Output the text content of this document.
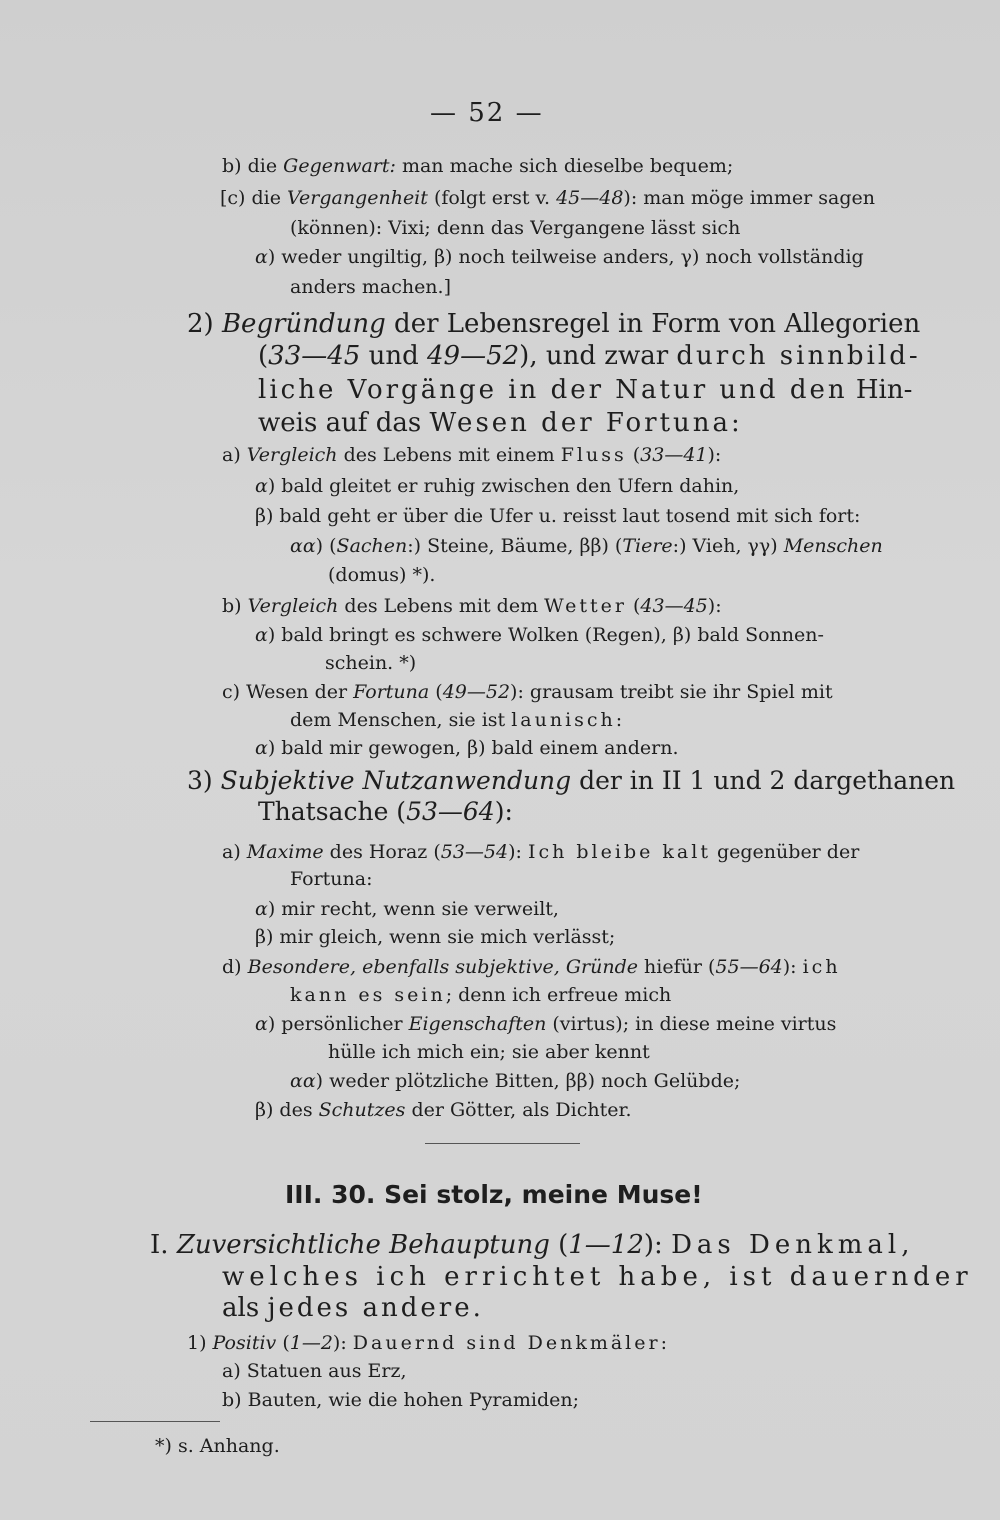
— 52 —
b) die Gegenwart: man mache sich dieselbe bequem;
[c) die Vergangenheit (folgt erst v. 45—48): man möge immer sagen
(können): Vixi; denn das Vergangene lässt sich
α) weder ungiltig, β) noch teilweise anders, γ) noch vollständig
anders machen.]
2) Begründung der Lebensregel in Form von Allegorien
(33—45 und 49—52), und zwar durch sinnbild-
liche Vorgänge in der Natur und den Hin-
weis auf das Wesen der Fortuna:
a) Vergleich des Lebens mit einem Fluss (33—41):
α) bald gleitet er ruhig zwischen den Ufern dahin,
β) bald geht er über die Ufer u. reisst laut tosend mit sich fort:
αα) (Sachen:) Steine, Bäume, ββ) (Tiere:) Vieh, γγ) Menschen
(domus) *).
b) Vergleich des Lebens mit dem Wetter (43—45):
α) bald bringt es schwere Wolken (Regen), β) bald Sonnen-
schein. *)
c) Wesen der Fortuna (49—52): grausam treibt sie ihr Spiel mit
dem Menschen, sie ist launisch:
α) bald mir gewogen, β) bald einem andern.
3) Subjektive Nutzanwendung der in II 1 und 2 dargethanen
Thatsache (53—64):
a) Maxime des Horaz (53—54): Ich bleibe kalt gegenüber der
Fortuna:
α) mir recht, wenn sie verweilt,
β) mir gleich, wenn sie mich verlässt;
d) Besondere, ebenfalls subjektive, Gründe hiefür (55—64): ich
kann es sein; denn ich erfreue mich
α) persönlicher Eigenschaften (virtus); in diese meine virtus
hülle ich mich ein; sie aber kennt
αα) weder plötzliche Bitten, ββ) noch Gelübde;
β) des Schutzes der Götter, als Dichter.
I. Zuversichtliche Behauptung (1—12): Das Denkmal,
welches ich errichtet habe, ist dauernder
als jedes andere.
1) Positiv (1—2): Dauernd sind Denkmäler:
a) Statuen aus Erz,
b) Bauten, wie die hohen Pyramiden;
*) s. Anhang.
III. 30. Sei stolz, meine Muse!
